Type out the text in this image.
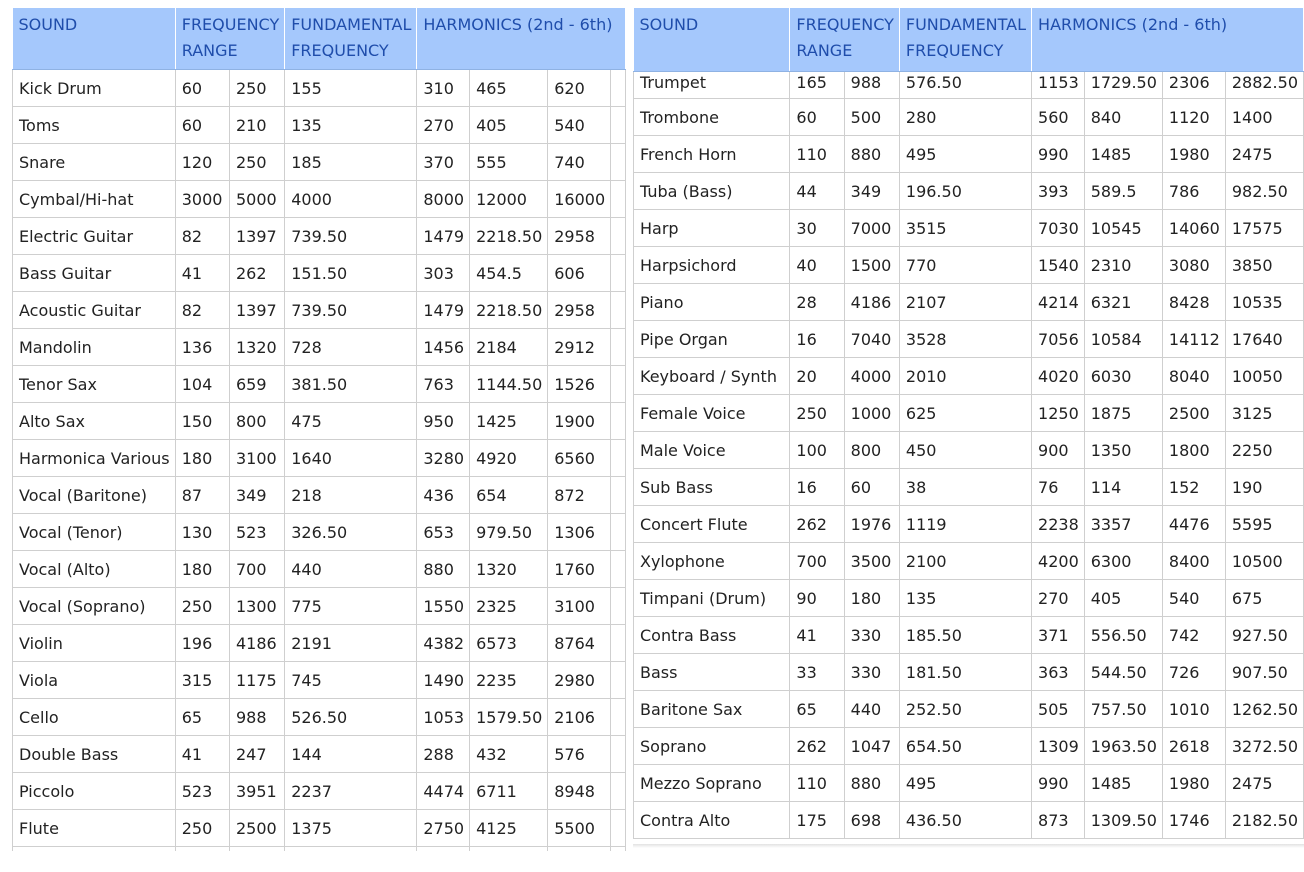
SOUND	FREQUENCY RANGE		FUNDAMENTAL FREQUENCY	HARMONICS (2nd - 6th)			
Kick Drum	60	250	155	310	465	620	
Toms	60	210	135	270	405	540	
Snare	120	250	185	370	555	740	
Cymbal/Hi-hat	3000	5000	4000	8000	12000	16000	
Electric Guitar	82	1397	739.50	1479	2218.50	2958	
Bass Guitar	41	262	151.50	303	454.5	606	
Acoustic Guitar	82	1397	739.50	1479	2218.50	2958	
Mandolin	136	1320	728	1456	2184	2912	
Tenor Sax	104	659	381.50	763	1144.50	1526	
Alto Sax	150	800	475	950	1425	1900	
Harmonica Various	180	3100	1640	3280	4920	6560	
Vocal (Baritone)	87	349	218	436	654	872	
Vocal (Tenor)	130	523	326.50	653	979.50	1306	
Vocal (Alto)	180	700	440	880	1320	1760	
Vocal (Soprano)	250	1300	775	1550	2325	3100	
Violin	196	4186	2191	4382	6573	8764	
Viola	315	1175	745	1490	2235	2980	
Cello	65	988	526.50	1053	1579.50	2106	
Double Bass	41	247	144	288	432	576	
Piccolo	523	3951	2237	4474	6711	8948	
Flute	250	2500	1375	2750	4125	5500	

SOUND	FREQUENCY RANGE		FUNDAMENTAL FREQUENCY	HARMONICS (2nd - 6th)			
Trumpet	165	988	576.50	1153	1729.50	2306	2882.50
Trombone	60	500	280	560	840	1120	1400
French Horn	110	880	495	990	1485	1980	2475
Tuba (Bass)	44	349	196.50	393	589.5	786	982.50
Harp	30	7000	3515	7030	10545	14060	17575
Harpsichord	40	1500	770	1540	2310	3080	3850
Piano	28	4186	2107	4214	6321	8428	10535
Pipe Organ	16	7040	3528	7056	10584	14112	17640
Keyboard / Synth	20	4000	2010	4020	6030	8040	10050
Female Voice	250	1000	625	1250	1875	2500	3125
Male Voice	100	800	450	900	1350	1800	2250
Sub Bass	16	60	38	76	114	152	190
Concert Flute	262	1976	1119	2238	3357	4476	5595
Xylophone	700	3500	2100	4200	6300	8400	10500
Timpani (Drum)	90	180	135	270	405	540	675
Contra Bass	41	330	185.50	371	556.50	742	927.50
Bass	33	330	181.50	363	544.50	726	907.50
Baritone Sax	65	440	252.50	505	757.50	1010	1262.50
Soprano	262	1047	654.50	1309	1963.50	2618	3272.50
Mezzo Soprano	110	880	495	990	1485	1980	2475
Contra Alto	175	698	436.50	873	1309.50	1746	2182.50
